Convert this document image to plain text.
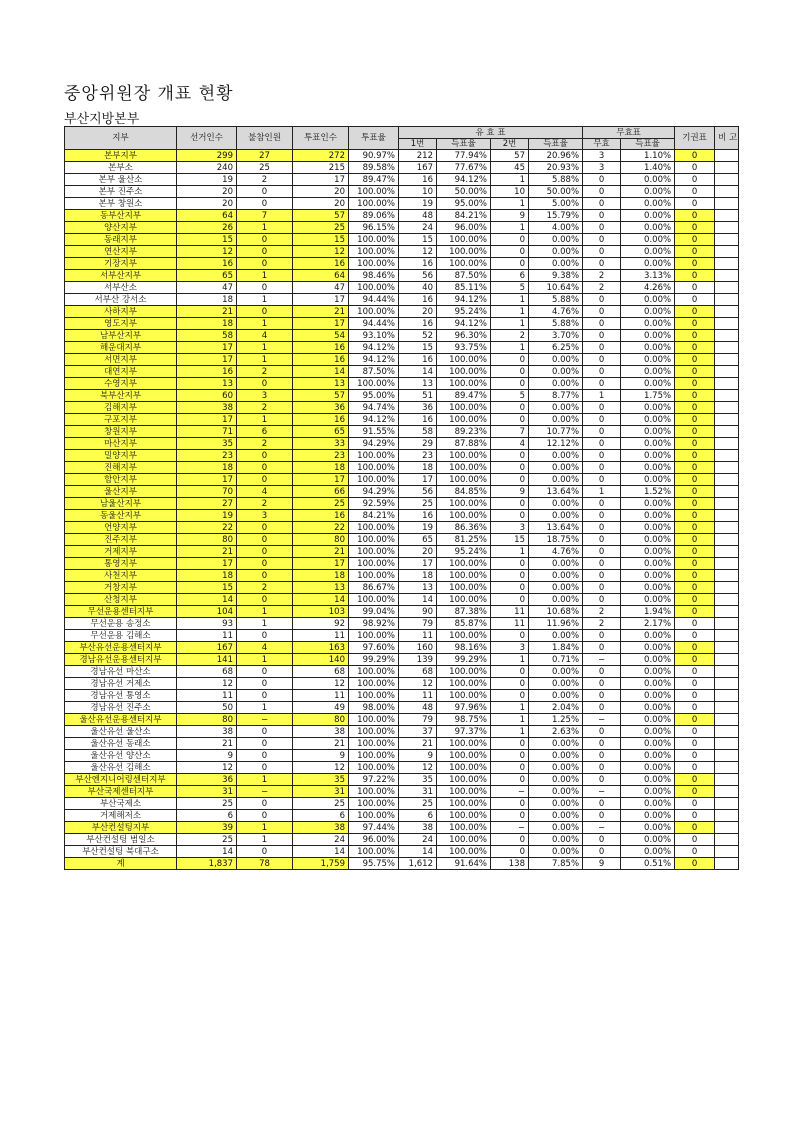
중앙위원장 개표 현황
부산지방본부
지부	선거인수	불참인원	투표인수	투표율	유 효 표				무효표		기권표	비 고
					1번	득표율	2번	득표율	무효	득표율		
본부지부	299	27	272	90.97%	212	77.94%	57	20.96%	3	1.10%	0	
본부소	240	25	215	89.58%	167	77.67%	45	20.93%	3	1.40%	0	
본부 울산소	19	2	17	89.47%	16	94.12%	1	5.88%	0	0.00%	0	
본부 진주소	20	0	20	100.00%	10	50.00%	10	50.00%	0	0.00%	0	
본부 창원소	20	0	20	100.00%	19	95.00%	1	5.00%	0	0.00%	0	
동부산지부	64	7	57	89.06%	48	84.21%	9	15.79%	0	0.00%	0	
양산지부	26	1	25	96.15%	24	96.00%	1	4.00%	0	0.00%	0	
동래지부	15	0	15	100.00%	15	100.00%	0	0.00%	0	0.00%	0	
연산지부	12	0	12	100.00%	12	100.00%	0	0.00%	0	0.00%	0	
기장지부	16	0	16	100.00%	16	100.00%	0	0.00%	0	0.00%	0	
서부산지부	65	1	64	98.46%	56	87.50%	6	9.38%	2	3.13%	0	
서부산소	47	0	47	100.00%	40	85.11%	5	10.64%	2	4.26%	0	
서부산 강서소	18	1	17	94.44%	16	94.12%	1	5.88%	0	0.00%	0	
사하지부	21	0	21	100.00%	20	95.24%	1	4.76%	0	0.00%	0	
영도지부	18	1	17	94.44%	16	94.12%	1	5.88%	0	0.00%	0	
남부산지부	58	4	54	93.10%	52	96.30%	2	3.70%	0	0.00%	0	
해운대지부	17	1	16	94.12%	15	93.75%	1	6.25%	0	0.00%	0	
서면지부	17	1	16	94.12%	16	100.00%	0	0.00%	0	0.00%	0	
대연지부	16	2	14	87.50%	14	100.00%	0	0.00%	0	0.00%	0	
수영지부	13	0	13	100.00%	13	100.00%	0	0.00%	0	0.00%	0	
북부산지부	60	3	57	95.00%	51	89.47%	5	8.77%	1	1.75%	0	
김해지부	38	2	36	94.74%	36	100.00%	0	0.00%	0	0.00%	0	
구포지부	17	1	16	94.12%	16	100.00%	0	0.00%	0	0.00%	0	
창원지부	71	6	65	91.55%	58	89.23%	7	10.77%	0	0.00%	0	
마산지부	35	2	33	94.29%	29	87.88%	4	12.12%	0	0.00%	0	
밀양지부	23	0	23	100.00%	23	100.00%	0	0.00%	0	0.00%	0	
진해지부	18	0	18	100.00%	18	100.00%	0	0.00%	0	0.00%	0	
함안지부	17	0	17	100.00%	17	100.00%	0	0.00%	0	0.00%	0	
울산지부	70	4	66	94.29%	56	84.85%	9	13.64%	1	1.52%	0	
남울산지부	27	2	25	92.59%	25	100.00%	0	0.00%	0	0.00%	0	
동울산지부	19	3	16	84.21%	16	100.00%	0	0.00%	0	0.00%	0	
언양지부	22	0	22	100.00%	19	86.36%	3	13.64%	0	0.00%	0	
진주지부	80	0	80	100.00%	65	81.25%	15	18.75%	0	0.00%	0	
거제지부	21	0	21	100.00%	20	95.24%	1	4.76%	0	0.00%	0	
통영지부	17	0	17	100.00%	17	100.00%	0	0.00%	0	0.00%	0	
사천지부	18	0	18	100.00%	18	100.00%	0	0.00%	0	0.00%	0	
거창지부	15	2	13	86.67%	13	100.00%	0	0.00%	0	0.00%	0	
산청지부	14	0	14	100.00%	14	100.00%	0	0.00%	0	0.00%	0	
무선운용센터지부	104	1	103	99.04%	90	87.38%	11	10.68%	2	1.94%	0	
무선운용 송정소	93	1	92	98.92%	79	85.87%	11	11.96%	2	2.17%	0	
무선운용 김해소	11	0	11	100.00%	11	100.00%	0	0.00%	0	0.00%	0	
부산유선운용센터지부	167	4	163	97.60%	160	98.16%	3	1.84%	0	0.00%	0	
경남유선운용센터지부	141	1	140	99.29%	139	99.29%	1	0.71%	−	0.00%	0	
경남유선 마산소	68	0	68	100.00%	68	100.00%	0	0.00%	0	0.00%	0	
경남유선 거제소	12	0	12	100.00%	12	100.00%	0	0.00%	0	0.00%	0	
경남유선 통영소	11	0	11	100.00%	11	100.00%	0	0.00%	0	0.00%	0	
경남유선 진주소	50	1	49	98.00%	48	97.96%	1	2.04%	0	0.00%	0	
울산유선운용센터지부	80	−	80	100.00%	79	98.75%	1	1.25%	−	0.00%	0	
울산유선 울산소	38	0	38	100.00%	37	97.37%	1	2.63%	0	0.00%	0	
울산유선 동래소	21	0	21	100.00%	21	100.00%	0	0.00%	0	0.00%	0	
울산유선 양산소	9	0	9	100.00%	9	100.00%	0	0.00%	0	0.00%	0	
울산유선 김해소	12	0	12	100.00%	12	100.00%	0	0.00%	0	0.00%	0	
부산엔지니어링센터지부	36	1	35	97.22%	35	100.00%	0	0.00%	0	0.00%	0	
부산국제센터지부	31	−	31	100.00%	31	100.00%	−	0.00%	−	0.00%	0	
부산국제소	25	0	25	100.00%	25	100.00%	0	0.00%	0	0.00%	0	
거제해저소	6	0	6	100.00%	6	100.00%	0	0.00%	0	0.00%	0	
부산컨설팅지부	39	1	38	97.44%	38	100.00%	−	0.00%	−	0.00%	0	
부산컨설팅 범일소	25	1	24	96.00%	24	100.00%	0	0.00%	0	0.00%	0	
부산컨설팅 북대구소	14	0	14	100.00%	14	100.00%	0	0.00%	0	0.00%	0	
계	1,837	78	1,759	95.75%	1,612	91.64%	138	7.85%	9	0.51%	0	
